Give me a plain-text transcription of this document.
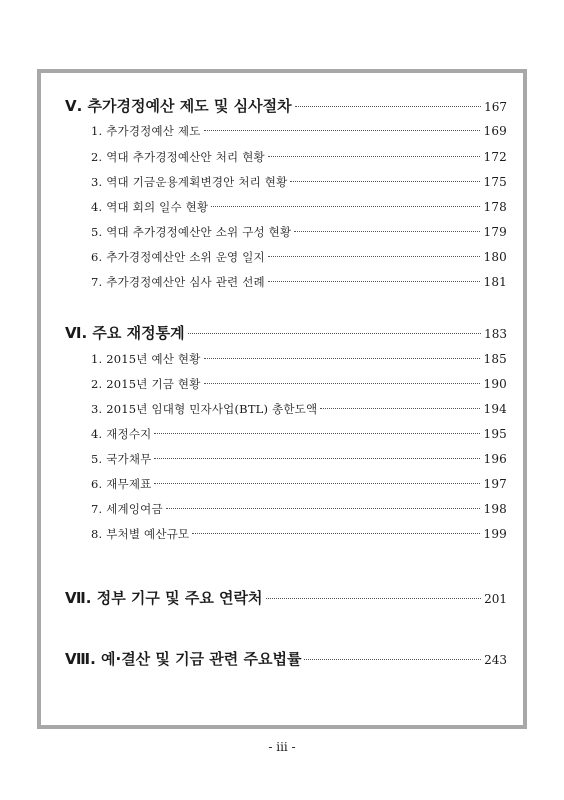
Ⅴ. 추가경정예산 제도 및 심사절차	167
1. 추가경정예산 제도	169
2. 역대 추가경정예산안 처리 현황	172
3. 역대 기금운용계획변경안 처리 현황	175
4. 역대 회의 일수 현황	178
5. 역대 추가경정예산안 소위 구성 현황	179
6. 추가경정예산안 소위 운영 일지	180
7. 추가경정예산안 심사 관련 선례	181
Ⅵ. 주요 재정통계	183
1. 2015년 예산 현황	185
2. 2015년 기금 현황	190
3. 2015년 임대형 민자사업(BTL) 총한도액	194
4. 재정수지	195
5. 국가채무	196
6. 재무제표	197
7. 세계잉여금	198
8. 부처별 예산규모	199
Ⅶ. 정부 기구 및 주요 연락처	201
Ⅷ. 예·결산 및 기금 관련 주요법률	243
- iii -
